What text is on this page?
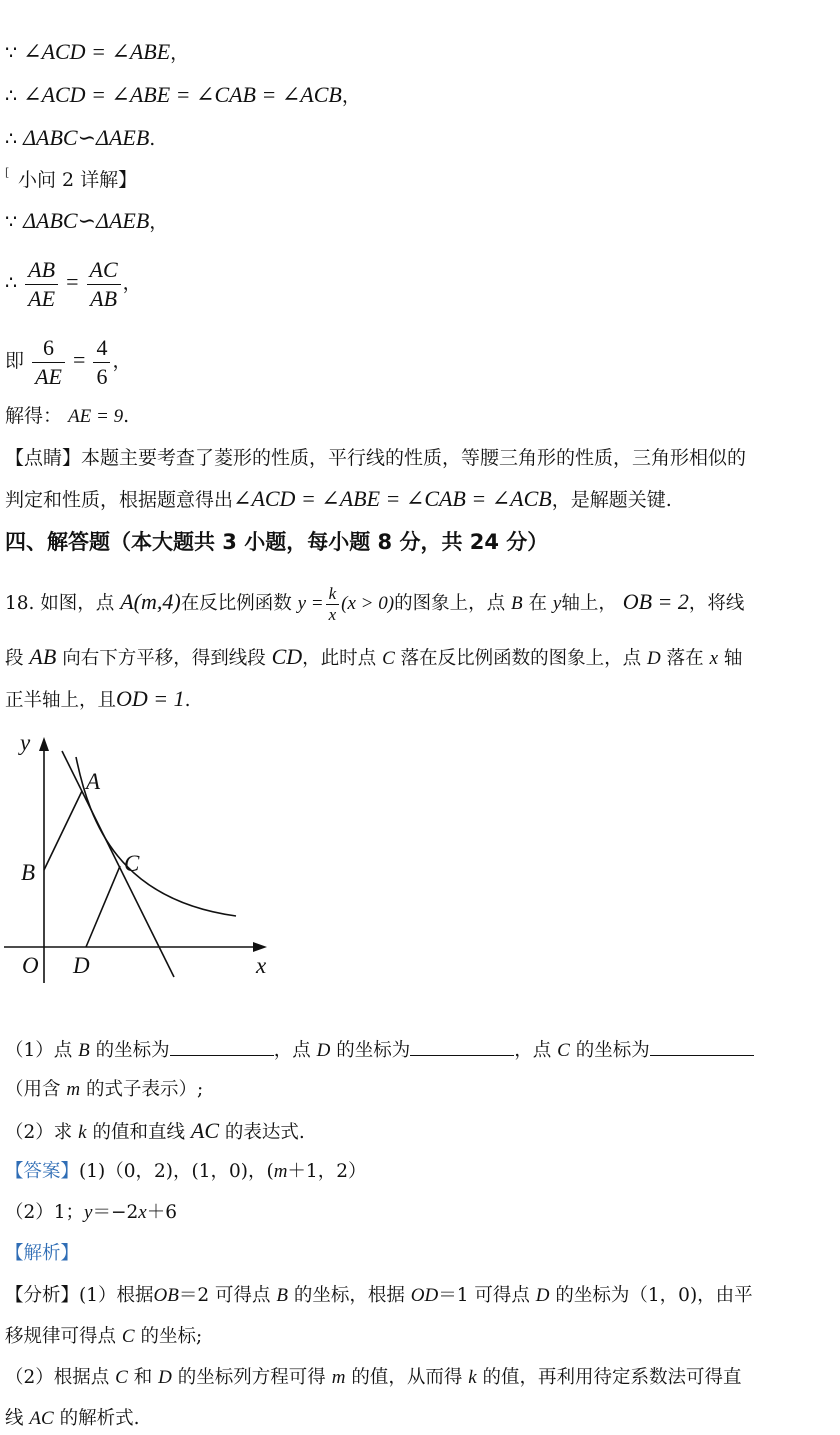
∵ ∠ACD = ∠ABE，
∴ ∠ACD = ∠ABE = ∠CAB = ∠ACB，
∴ ΔABC∽ΔAEB.
[ 小问 2 详解】
∵ ΔABC∽ΔAEB，
∴ $\frac{AB}{AE} = \frac{AC}{AB}$ ，
即 $\frac{6}{AE} = \frac{4}{6}$ ，
解得： AE = 9.
【点睛】本题主要考查了菱形的性质，平行线的性质，等腰三角形的性质，三角形相似的
判定和性质，根据题意得出∠ACD = ∠ABE = ∠CAB = ∠ACB，是解题关键.
四、解答题（本大题共 3 小题，每小题 8 分，共 24 分）
18. 如图，点 A(m,4)在反比例函数 $y = \frac{k}{x} (x > 0)$的图象上，点 B 在 y轴上， OB = 2，将线
段 AB 向右下方平移，得到线段 CD，此时点 C 落在反比例函数的图象上，点 D 落在 x 轴
正半轴上，且OD = 1.
y
x
O
A
B	C
D
（1）点 B 的坐标为	，点 D 的坐标为	，点 C 的坐标为
（用含 m 的式子表示）;
（2）求 k 的值和直线 AC 的表达式.
【答案】(1)（0，2)，(1，0)，(m＋1，2）
（2）1；y＝−2x＋6
【解析】
【分析】(1）根据OB＝2 可得点 B 的坐标，根据 OD＝1 可得点 D 的坐标为（1，0)，由平
移规律可得点 C 的坐标;
（2）根据点 C 和 D 的坐标列方程可得 m 的值，从而得 k 的值，再利用待定系数法可得直
线 AC 的解析式.
